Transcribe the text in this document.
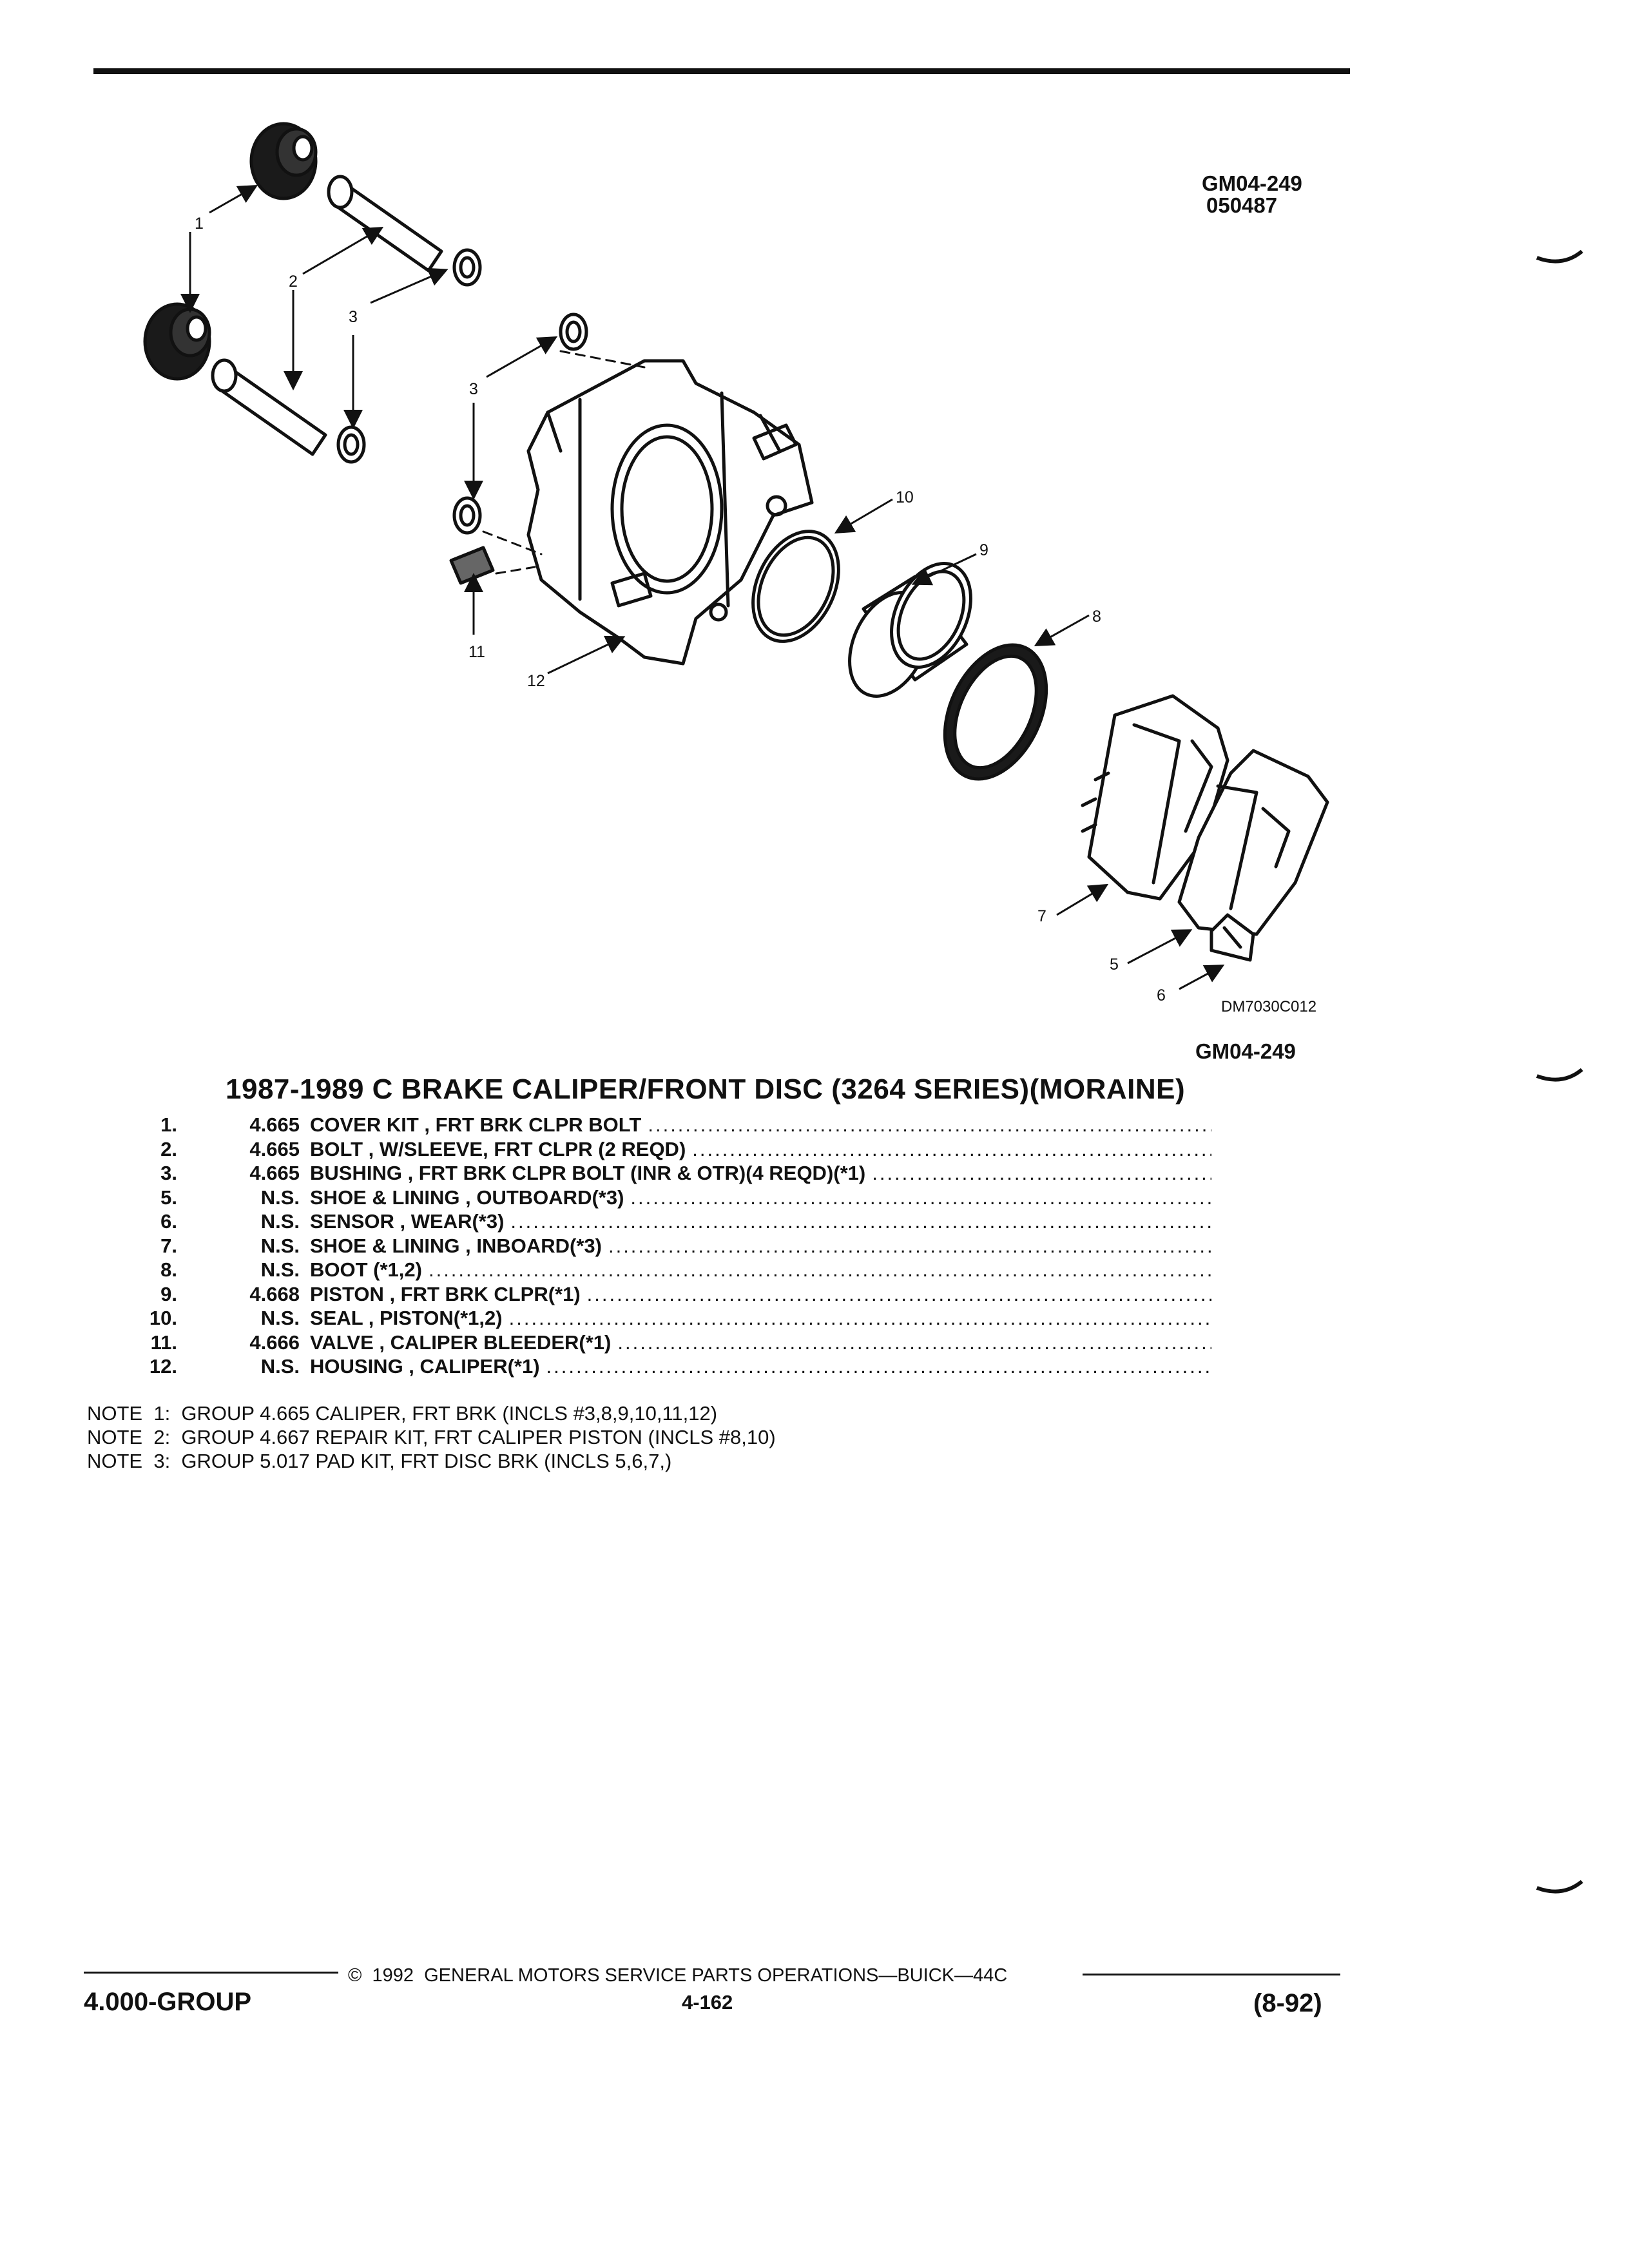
GM04-249
050487
1
2
3
3
10
9
8
11
12
7
5
6
DM7030C012
GM04-249
1987-1989 C BRAKE CALIPER/FRONT DISC (3264 SERIES)(MORAINE)
1.	4.665 COVER KIT , FRT BRK CLPR BOLT
.....
2.	4.665 BOLT , W/SLEEVE, FRT CLPR (2 REQD)
.....
3.	4.665 BUSHING , FRT BRK CLPR BOLT (INR & OTR)(4 REQD)(*1)
.....
5.	N.S. SHOE & LINING , OUTBOARD(*3)
.....
6.	N.S. SENSOR , WEAR(*3)
.....
7.	N.S. SHOE & LINING , INBOARD(*3)
.....
8.	N.S. BOOT (*1,2)
.....
9.	4.668 PISTON , FRT BRK CLPR(*1)
.....
10.	N.S. SEAL , PISTON(*1,2)
.....
11.	4.666 VALVE , CALIPER BLEEDER(*1)
.....
12.	N.S. HOUSING , CALIPER(*1)
.....
NOTE  1:  GROUP 4.665 CALIPER, FRT BRK (INCLS #3,8,9,10,11,12)
NOTE  2:  GROUP 4.667 REPAIR KIT, FRT CALIPER PISTON (INCLS #8,10)
NOTE  3:  GROUP 5.017 PAD KIT, FRT DISC BRK (INCLS 5,6,7,)
©  1992  GENERAL MOTORS SERVICE PARTS OPERATIONS—BUICK—44C
4.000-GROUP	4-162	(8-92)
